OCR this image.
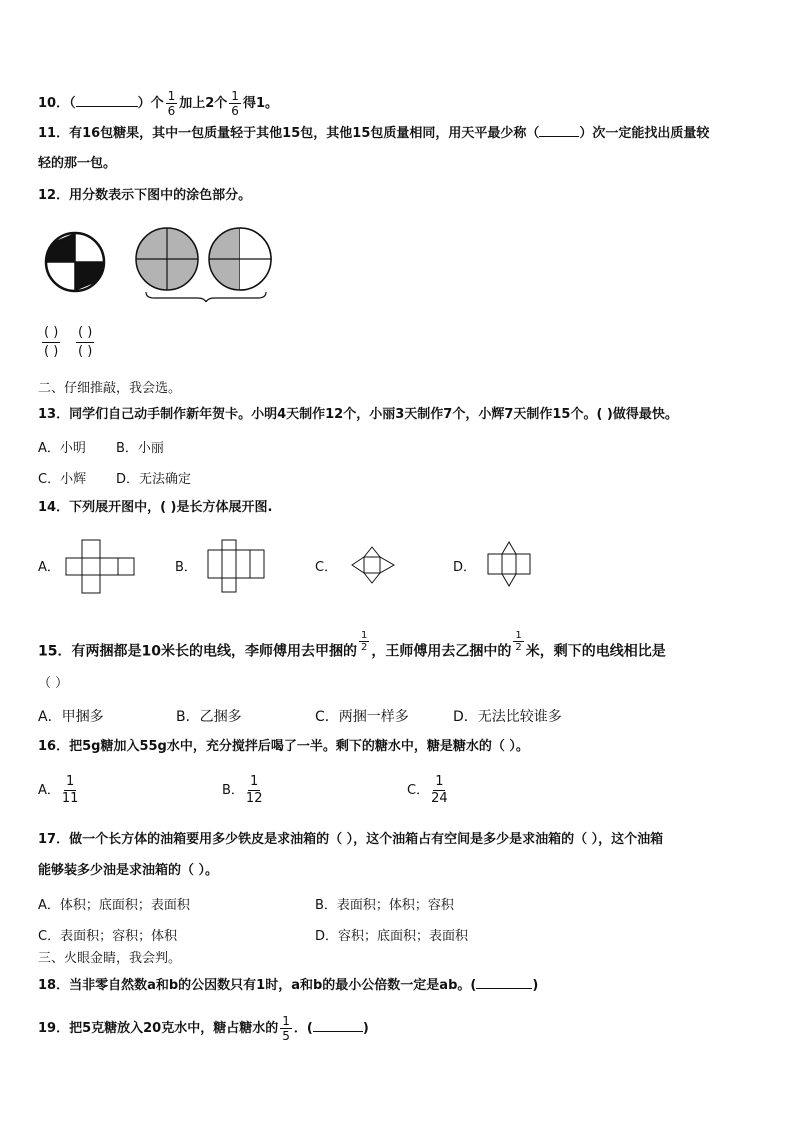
10．（	）个 $\frac{1}{6}$ 加上2个 $\frac{1}{6}$ 得1。
11．有16包糖果，其中一包质量轻于其他15包，其他15包质量相同，用天平最少称（	）次一定能找出质量较
轻的那一包。
12．用分数表示下图中的涂色部分。
$\frac{( )}{( )} \frac{( )}{( )}$
二、仔细推敲，我会选。
13．同学们自己动手制作新年贺卡。小明4天制作12个，小丽3天制作7个，小辉7天制作15个。( )做得最快。
A．小明 B．小丽
C．小辉 D．无法确定
14．下列展开图中，( )是长方体展开图.
A．	B．	C．	D．
15．有两捆都是10米长的电线，李师傅用去甲捆的 $\frac{1}{2}$ ，王师傅用去乙捆中的 $\frac{1}{2}$ 米，剩下的电线相比是
（ ）
A．甲捆多	B．乙捆多	C．两捆一样多	D．无法比较谁多
16．把5g糖加入55g水中，充分搅拌后喝了一半。剩下的糖水中，糖是糖水的（ ）。
A． $\frac{1}{11}$	B． $\frac{1}{12}$	C． $\frac{1}{24}$
17．做一个长方体的油箱要用多少铁皮是求油箱的（ ），这个油箱占有空间是多少是求油箱的（ ），这个油箱
能够装多少油是求油箱的（ ）。
A．体积；底面积；表面积	B．表面积；体积；容积
C．表面积；容积；体积	D．容积；底面积；表面积
三、火眼金睛，我会判。
18．当非零自然数a和b的公因数只有1时，a和b的最小公倍数一定是ab。(	)
19．把5克糖放入20克水中，糖占糖水的 $\frac{1}{5}$ ．(	)
